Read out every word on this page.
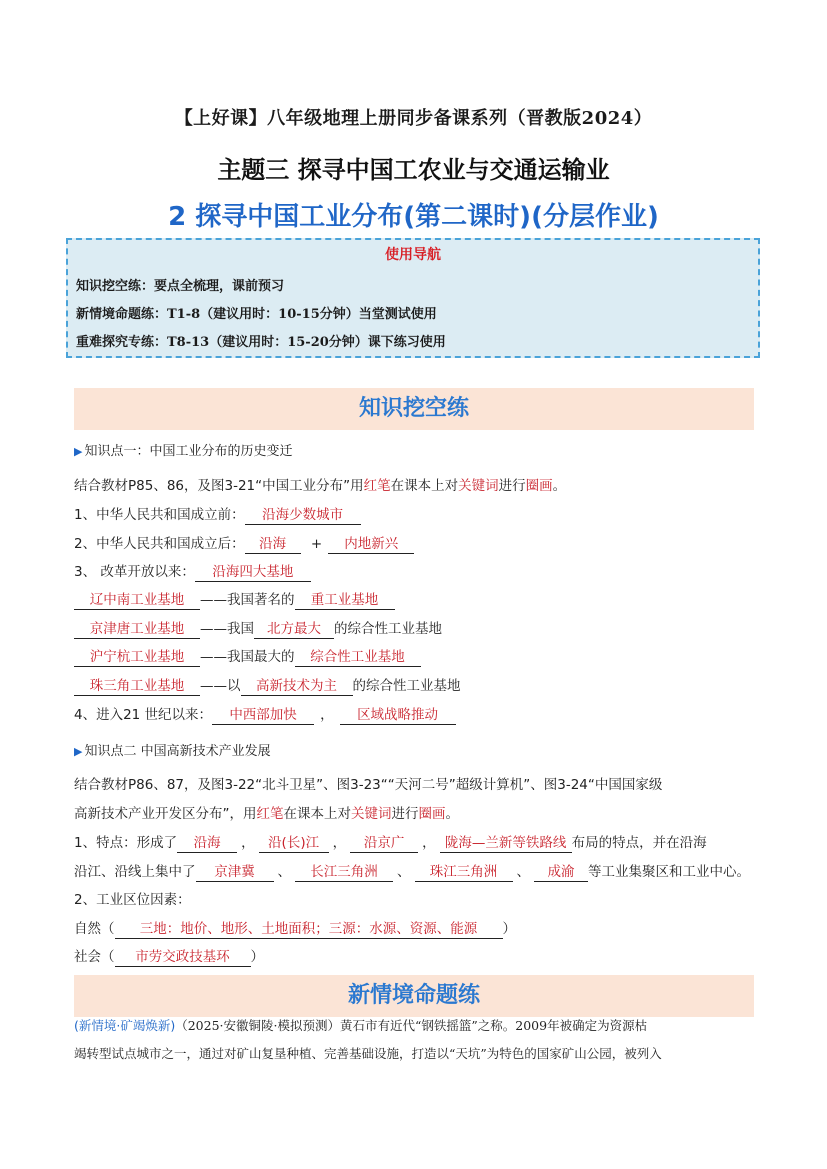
【上好课】八年级地理上册同步备课系列（晋教版2024）
主题三 探寻中国工农业与交通运输业
2 探寻中国工业分布(第二课时)(分层作业)
使用导航
知识挖空练：要点全梳理，课前预习
新情境命题练：T1-8（建议用时：10-15分钟）当堂测试使用
重难探究专练：T8-13（建议用时：15-20分钟）课下练习使用
知识挖空练
▶ 知识点一：中国工业分布的历史变迁
结合教材P85、86，及图3-21“中国工业分布”用红笔在课本上对关键词进行圈画。
1、中华人民共和国成立前： 沿海少数城市
2、中华人民共和国成立后： 沿海 + 内地新兴
3、 改革开放以来： 沿海四大基地
辽中南工业基地 ——我国著名的 重工业基地
京津唐工业基地 ——我国 北方最大 的综合性工业基地
沪宁杭工业基地 ——我国最大的 综合性工业基地
珠三角工业基地 ——以 高新技术为主 的综合性工业基地
4、进入21 世纪以来： 中西部加快 ， 区域战略推动
▶ 知识点二 中国高新技术产业发展
结合教材P86、87，及图3-22“北斗卫星”、图3-23““天河二号”超级计算机”、图3-24“中国国家级
高新技术产业开发区分布”，用红笔在课本上对关键词进行圈画。
1、特点：形成了 沿海 ， 沿(长)江 ， 沿京广 ， 陇海—兰新等铁路线 布局的特点，并在沿海
沿江、沿线上集中了 京津冀 、 长江三角洲 、 珠江三角洲 、 成渝 等工业集聚区和工业中心。
2、工业区位因素：
自然（ 三地：地价、地形、土地面积；三源：水源、资源、能源 ）
社会（ 市劳交政技基环 ）
新情境命题练
(新情境·矿竭焕新)（2025·安徽铜陵·模拟预测）黄石市有近代“钢铁摇篮”之称。2009年被确定为资源枯
竭转型试点城市之一，通过对矿山复垦种植、完善基础设施，打造以“天坑”为特色的国家矿山公园，被列入
